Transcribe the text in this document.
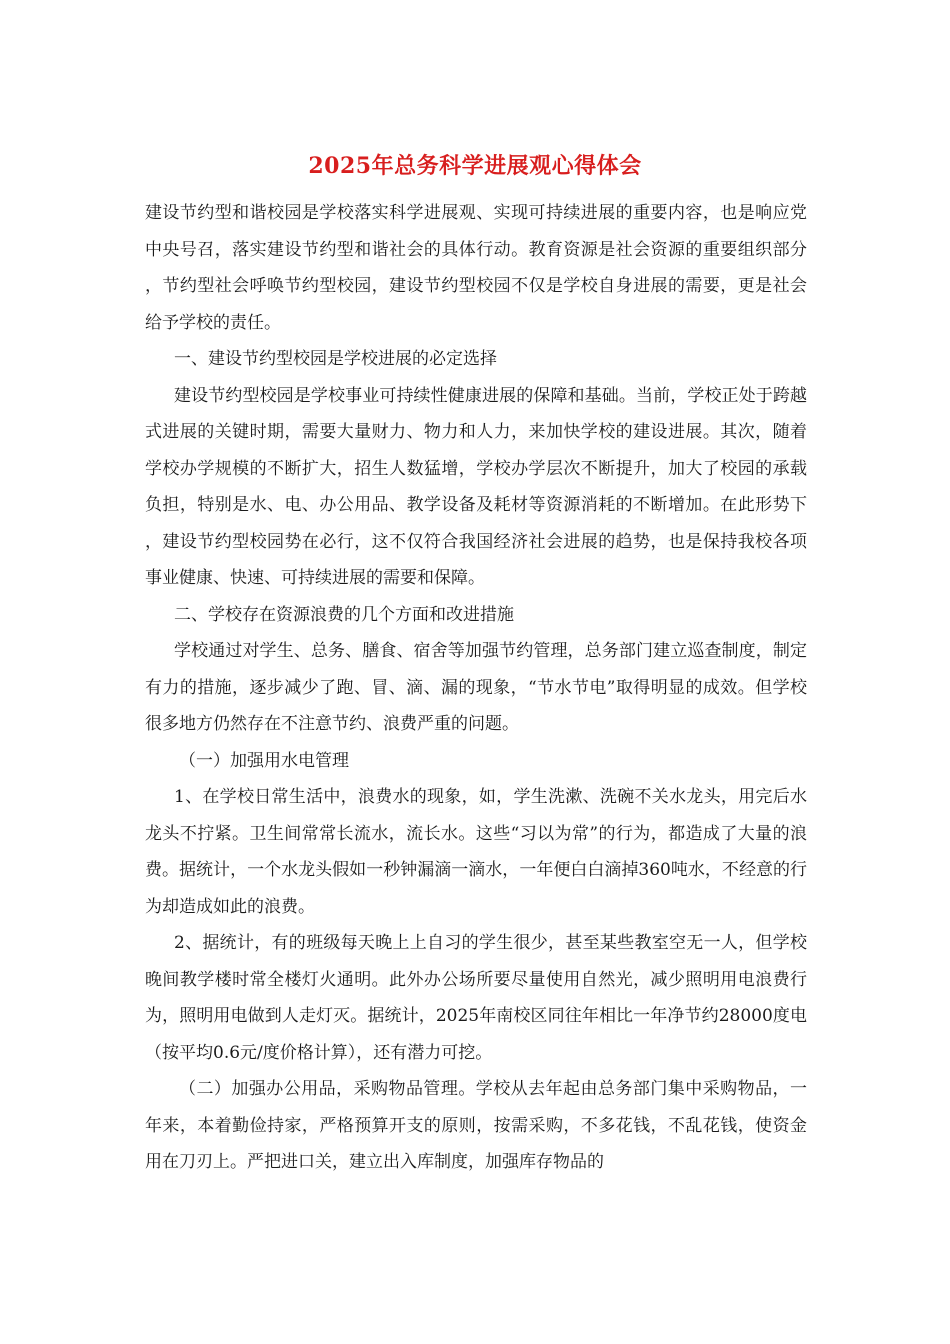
2025年总务科学进展观心得体会

建设节约型和谐校园是学校落实科学进展观、实现可持续进展的重要内容，也是响应党中央号召，落实建设节约型和谐社会的具体行动。教育资源是社会资源的重要组织部分，节约型社会呼唤节约型校园，建设节约型校园不仅是学校自身进展的需要，更是社会给予学校的责任。

一、建设节约型校园是学校进展的必定选择

建设节约型校园是学校事业可持续性健康进展的保障和基础。当前，学校正处于跨越式进展的关键时期，需要大量财力、物力和人力，来加快学校的建设进展。其次，随着学校办学规模的不断扩大，招生人数猛增，学校办学层次不断提升，加大了校园的承载负担，特别是水、电、办公用品、教学设备及耗材等资源消耗的不断增加。在此形势下，建设节约型校园势在必行，这不仅符合我国经济社会进展的趋势，也是保持我校各项事业健康、快速、可持续进展的需要和保障。

二、学校存在资源浪费的几个方面和改进措施

学校通过对学生、总务、膳食、宿舍等加强节约管理，总务部门建立巡查制度，制定有力的措施，逐步减少了跑、冒、滴、漏的现象，“节水节电”取得明显的成效。但学校很多地方仍然存在不注意节约、浪费严重的问题。

（一）加强用水电管理

1、在学校日常生活中，浪费水的现象，如，学生洗漱、洗碗不关水龙头，用完后水龙头不拧紧。卫生间常常长流水，流长水。这些“习以为常”的行为，都造成了大量的浪费。据统计，一个水龙头假如一秒钟漏滴一滴水，一年便白白滴掉360吨水，不经意的行为却造成如此的浪费。

2、据统计，有的班级每天晚上上自习的学生很少，甚至某些教室空无一人，但学校晚间教学楼时常全楼灯火通明。此外办公场所要尽量使用自然光，减少照明用电浪费行为，照明用电做到人走灯灭。据统计，2025年南校区同往年相比一年净节约28000度电（按平均0.6元/度价格计算），还有潜力可挖。

（二）加强办公用品，采购物品管理。学校从去年起由总务部门集中采购物品，一年来，本着勤俭持家，严格预算开支的原则，按需采购，不多花钱，不乱花钱，使资金用在刀刃上。严把进口关，建立出入库制度，加强库存物品的
